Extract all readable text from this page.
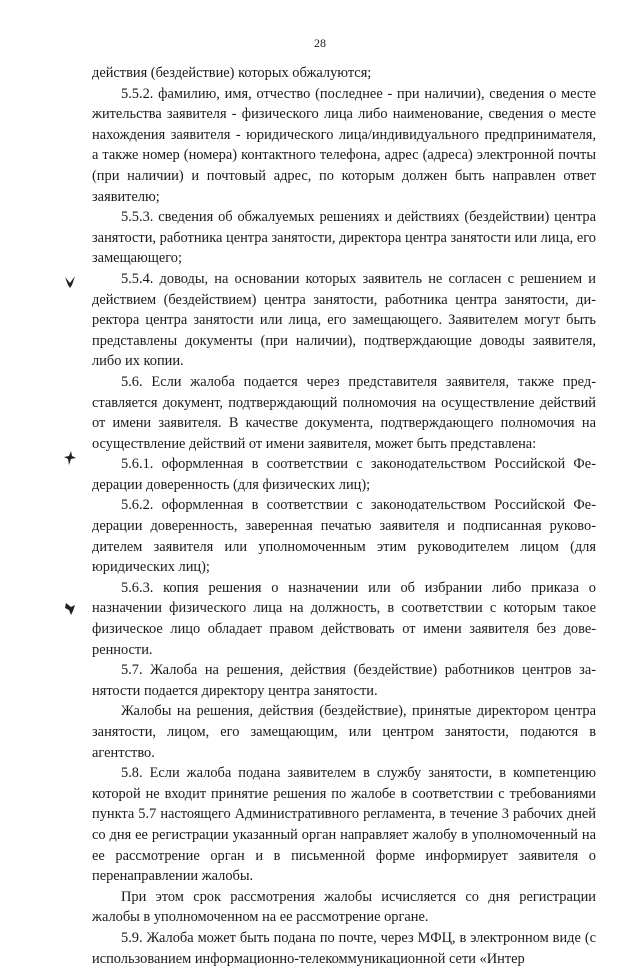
28

действия (бездействие) которых обжалуются;

5.5.2. фамилию, имя, отчество (последнее - при наличии), сведения о месте жительства заявителя - физического лица либо наименование, сведения о месте нахождения заявителя - юридического лица/индивидуального предпринимателя, а также номер (номера) контактного телефона, адрес (адреса) электронной почты (при наличии) и почтовый адрес, по которым должен быть направлен ответ заявителю;

5.5.3. сведения об обжалуемых решениях и действиях (бездействии) центра занятости, работника центра занятости, директора центра занятости или лица, его замещающего;

5.5.4. доводы, на основании которых заявитель не согласен с решением и действием (бездействием) центра занятости, работника центра занятости, директора центра занятости или лица, его замещающего. Заявителем могут быть представлены документы (при наличии), подтверждающие доводы заявителя, либо их копии.

5.6. Если жалоба подается через представителя заявителя, также представляется документ, подтверждающий полномочия на осуществление действий от имени заявителя. В качестве документа, подтверждающего полномочия на осуществление действий от имени заявителя, может быть представлена:

5.6.1. оформленная в соответствии с законодательством Российской Федерации доверенность (для физических лиц);

5.6.2. оформленная в соответствии с законодательством Российской Федерации доверенность, заверенная печатью заявителя и подписанная руководителем заявителя или уполномоченным этим руководителем лицом (для юридических лиц);

5.6.3. копия решения о назначении или об избрании либо приказа о назначении физического лица на должность, в соответствии с которым такое физическое лицо обладает правом действовать от имени заявителя без доверенности.

5.7. Жалоба на решения, действия (бездействие) работников центров занятости подается директору центра занятости.

Жалобы на решения, действия (бездействие), принятые директором центра занятости, лицом, его замещающим, или центром занятости, подаются в агентство.

5.8. Если жалоба подана заявителем в службу занятости, в компетенцию которой не входит принятие решения по жалобе в соответствии с требованиями пункта 5.7 настоящего Административного регламента, в течение 3 рабочих дней со дня ее регистрации указанный орган направляет жалобу в уполномоченный на ее рассмотрение орган и в письменной форме информирует заявителя о перенаправлении жалобы.

При этом срок рассмотрения жалобы исчисляется со дня регистрации жалобы в уполномоченном на ее рассмотрение органе.

5.9. Жалоба может быть подана по почте, через МФЦ, в электронном виде (с использованием информационно-телекоммуникационной сети «Интер
